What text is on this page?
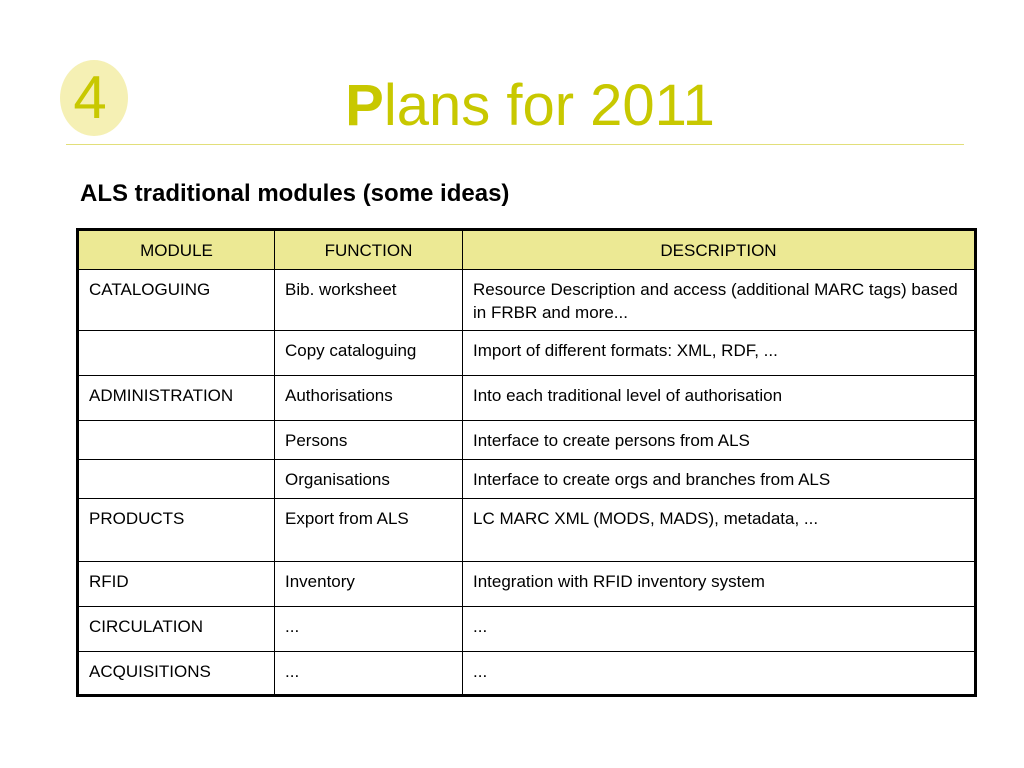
4	Plans for 2011
ALS traditional modules (some ideas)
MODULE	FUNCTION	DESCRIPTION
CATALOGUING	Bib. worksheet	Resource Description and access (additional MARC tags) based in FRBR and more...
	Copy cataloguing	Import of different formats: XML, RDF, ...
ADMINISTRATION	Authorisations	Into each traditional level of authorisation
	Persons	Interface to create persons from ALS
	Organisations	Interface to create orgs and branches from ALS
PRODUCTS	Export from ALS	LC MARC XML (MODS, MADS), metadata, ...
RFID	Inventory	Integration with RFID inventory system
CIRCULATION	...	...
ACQUISITIONS	...	...
